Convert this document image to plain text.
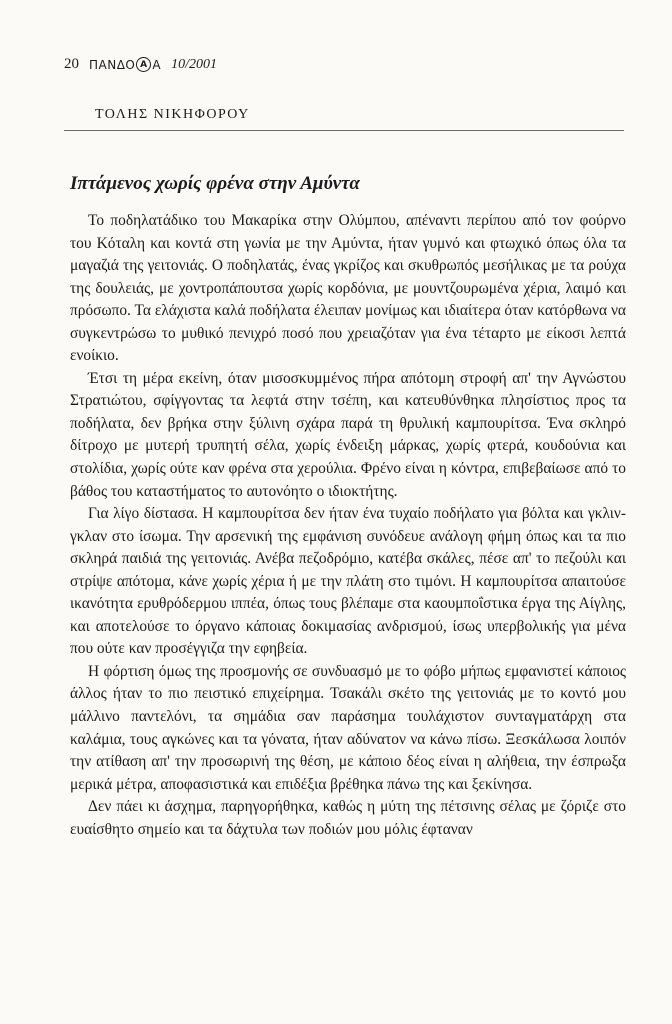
20 ΠΑΝΔΟ Α Α 10/2001
ΤΟΛΗΣ ΝΙΚΗΦΟΡΟΥ
Ιπτάμενος χωρίς φρένα στην Αμύντα

Το ποδηλατάδικο του Μακαρίκα στην Ολύμπου, απέναντι περίπου από τον φούρνο του Κόταλη και κοντά στη γωνία με την Αμύντα, ήταν γυμνό και φτωχικό όπως όλα τα μαγαζιά της γειτονιάς. Ο ποδηλατάς, ένας γκρίζος και σκυθρωπός μεσήλικας με τα ρούχα της δουλειάς, με χοντροπάπουτσα χωρίς κορδόνια, με μουντζουρωμένα χέρια, λαιμό και πρόσωπο. Τα ελάχιστα καλά ποδήλατα έλειπαν μονίμως και ιδιαίτερα όταν κατόρθωνα να συγκεντρώσω το μυθικό πενιχρό ποσό που χρειαζόταν για ένα τέταρτο με είκοσι λεπτά ενοίκιο.

Έτσι τη μέρα εκείνη, όταν μισοσκυμμένος πήρα απότομη στροφή απ' την Αγνώστου Στρατιώτου, σφίγγοντας τα λεφτά στην τσέπη, και κατευθύνθηκα πλησίστιος προς τα ποδήλατα, δεν βρήκα στην ξύλινη σχάρα παρά τη θρυλική καμπουρίτσα. Ένα σκληρό δίτροχο με μυτερή τρυπητή σέλα, χωρίς ένδειξη μάρκας, χωρίς φτερά, κουδούνια και στολίδια, χωρίς ούτε καν φρένα στα χερούλια. Φρένο είναι η κόντρα, επιβεβαίωσε από το βάθος του καταστήματος το αυτονόητο ο ιδιοκτήτης.

Για λίγο δίστασα. Η καμπουρίτσα δεν ήταν ένα τυχαίο ποδήλατο για βόλτα και γκλιν-γκλαν στο ίσωμα. Την αρσενική της εμφάνιση συνόδευε ανάλογη φήμη όπως και τα πιο σκληρά παιδιά της γειτονιάς. Ανέβα πεζοδρόμιο, κατέβα σκάλες, πέσε απ' το πεζούλι και στρίψε απότομα, κάνε χωρίς χέρια ή με την πλάτη στο τιμόνι. Η καμπουρίτσα απαιτούσε ικανότητα ερυθρόδερμου ιππέα, όπως τους βλέπαμε στα καουμποΐστικα έργα της Αίγλης, και αποτελούσε το όργανο κάποιας δοκιμασίας ανδρισμού, ίσως υπερβολικής για μένα που ούτε καν προσέγγιζα την εφηβεία.

Η φόρτιση όμως της προσμονής σε συνδυασμό με το φόβο μήπως εμφανιστεί κάποιος άλλος ήταν το πιο πειστικό επιχείρημα. Τσακάλι σκέτο της γειτονιάς με το κοντό μου μάλλινο παντελόνι, τα σημάδια σαν παράσημα τουλάχιστον συνταγματάρχη στα καλάμια, τους αγκώνες και τα γόνατα, ήταν αδύνατον να κάνω πίσω. Ξεσκάλωσα λοιπόν την ατίθαση απ' την προσωρινή της θέση, με κάποιο δέος είναι η αλήθεια, την έσπρωξα μερικά μέτρα, αποφασιστικά και επιδέξια βρέθηκα πάνω της και ξεκίνησα.

Δεν πάει κι άσχημα, παρηγορήθηκα, καθώς η μύτη της πέτσινης σέλας με ζόριζε στο ευαίσθητο σημείο και τα δάχτυλα των ποδιών μου μόλις έφταναν
